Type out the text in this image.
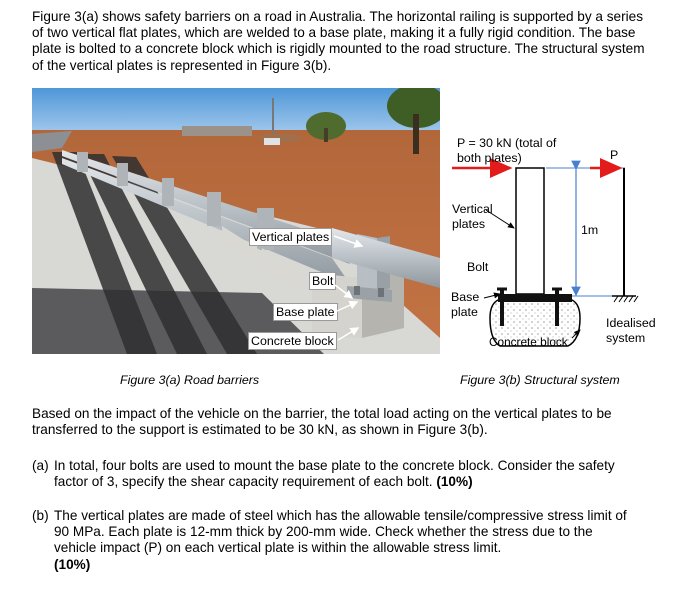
Figure 3(a) shows safety barriers on a road in Australia. The horizontal railing is supported by a series of two vertical flat plates, which are welded to a base plate, making it a fully rigid condition. The base plate is bolted to a concrete block which is rigidly mounted to the road structure. The structural system of the vertical plates is represented in Figure 3(b).

Vertical plates
Bolt
Base plate
Concrete block
P = 30 kN (total of
both plates)
Vertical
plates	1m
Bolt
Base
plate
Concrete block
P
Idealised
system
Figure 3(a) Road barriers	Figure 3(b) Structural system

Based on the impact of the vehicle on the barrier, the total load acting on the vertical plates to be transferred to the support is estimated to be 30 kN, as shown in Figure 3(b).

(a) In total, four bolts are used to mount the base plate to the concrete block. Consider the safety factor of 3, specify the shear capacity requirement of each bolt. (10%)
(b) The vertical plates are made of steel which has the allowable tensile/compressive stress limit of 90 MPa. Each plate is 12-mm thick by 200-mm wide. Check whether the stress due to the vehicle impact (P) on each vertical plate is within the allowable stress limit.
(10%)
